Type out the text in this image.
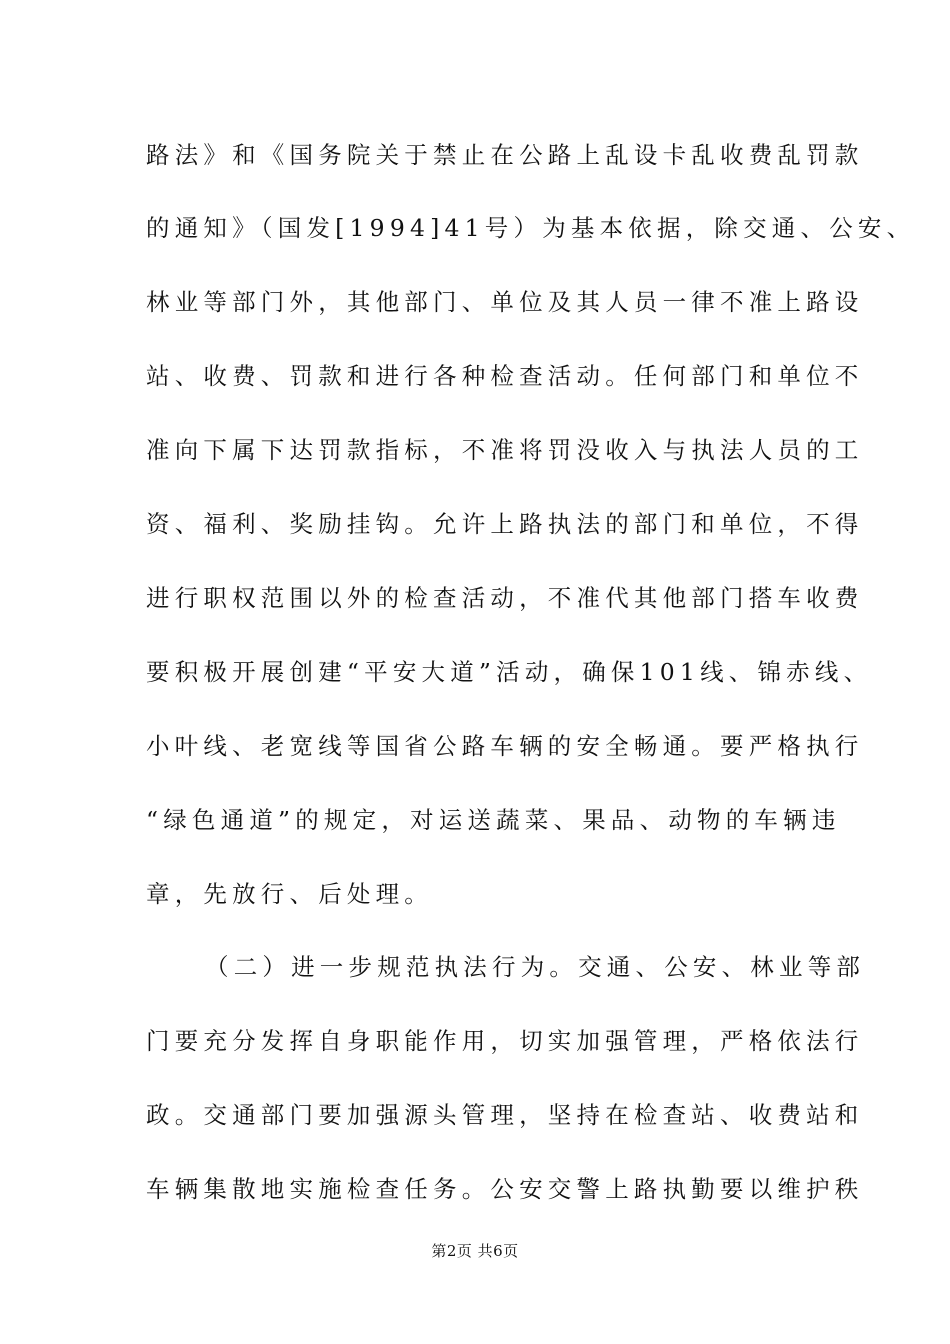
路法》和《国务院关于禁止在公路上乱设卡乱收费乱罚款
的通知》（国发[1994]41号）为基本依据，除交通、公安、
林业等部门外，其他部门、单位及其人员一律不准上路设
站、收费、罚款和进行各种检查活动。任何部门和单位不
准向下属下达罚款指标，不准将罚没收入与执法人员的工
资、福利、奖励挂钩。允许上路执法的部门和单位，不得
进行职权范围以外的检查活动，不准代其他部门搭车收费
要积极开展创建“平安大道”活动，确保101线、锦赤线、
小叶线、老宽线等国省公路车辆的安全畅通。要严格执行
“绿色通道”的规定，对运送蔬菜、果品、动物的车辆违
章，先放行、后处理。
（二）进一步规范执法行为。交通、公安、林业等部
门要充分发挥自身职能作用，切实加强管理，严格依法行
政。交通部门要加强源头管理，坚持在检查站、收费站和
车辆集散地实施检查任务。公安交警上路执勤要以维护秩
第2页 共6页
